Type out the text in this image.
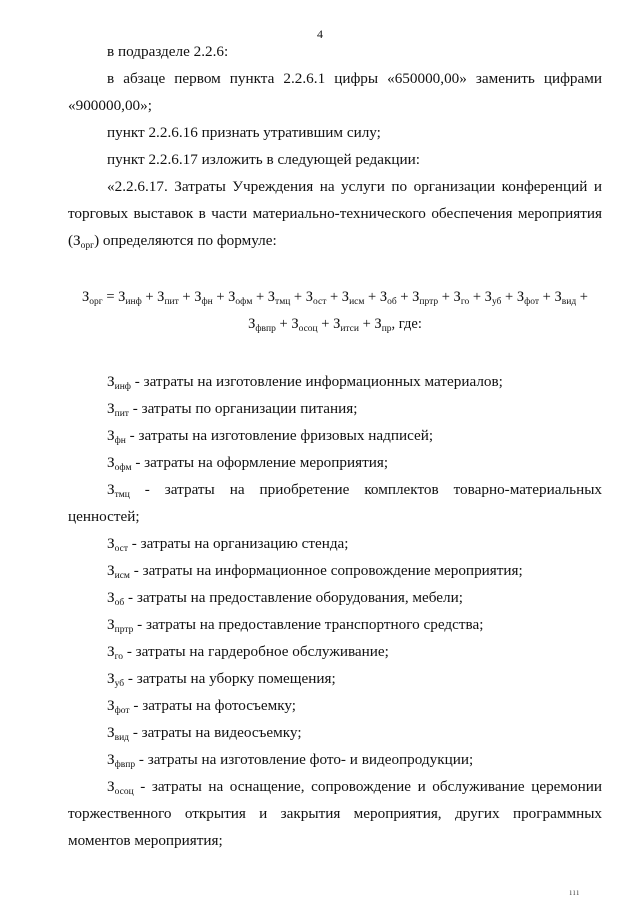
4

в подразделе 2.2.6:

в абзаце первом пункта 2.2.6.1 цифры «650000,00» заменить цифрами «900000,00»;

пункт 2.2.6.16 признать утратившим силу;

пункт 2.2.6.17 изложить в следующей редакции:

«2.2.6.17. Затраты Учреждения на услуги по организации конференций и торговых выставок в части материально-технического обеспечения мероприятия $(З_{орг})$ определяются по формуле:

$З_{орг} = З_{инф} + З_{пит} + З_{фн} + З_{офм} + З_{тмц} + З_{ост} + З_{исм} + З_{об} + З_{пртр} + З_{го} + З_{уб} + З_{фот} + З_{вид}$ +
$З_{фвпр} + З_{осоц} + З_{итси} + З_{пр}$, где:

$З_{инф}$ - затраты на изготовление информационных материалов;

$З_{пит}$ - затраты по организации питания;

$З_{фн}$ - затраты на изготовление фризовых надписей;

$З_{офм}$ - затраты на оформление мероприятия;

$З_{тмц}$ - затраты на приобретение комплектов товарно-материальных ценностей;

$З_{ост}$ - затраты на организацию стенда;

$З_{исм}$ - затраты на информационное сопровождение мероприятия;

$З_{об}$ - затраты на предоставление оборудования, мебели;

$З_{пртр}$ - затраты на предоставление транспортного средства;

$З_{го}$ - затраты на гардеробное обслуживание;

$З_{уб}$ - затраты на уборку помещения;

$З_{фот}$ - затраты на фотосъемку;

$З_{вид}$ - затраты на видеосъемку;

$З_{фвпр}$ - затраты на изготовление фото- и видеопродукции;

$З_{осоц}$ - затраты на оснащение, сопровождение и обслуживание церемонии торжественного открытия и закрытия мероприятия, других программных моментов мероприятия;

ııı
